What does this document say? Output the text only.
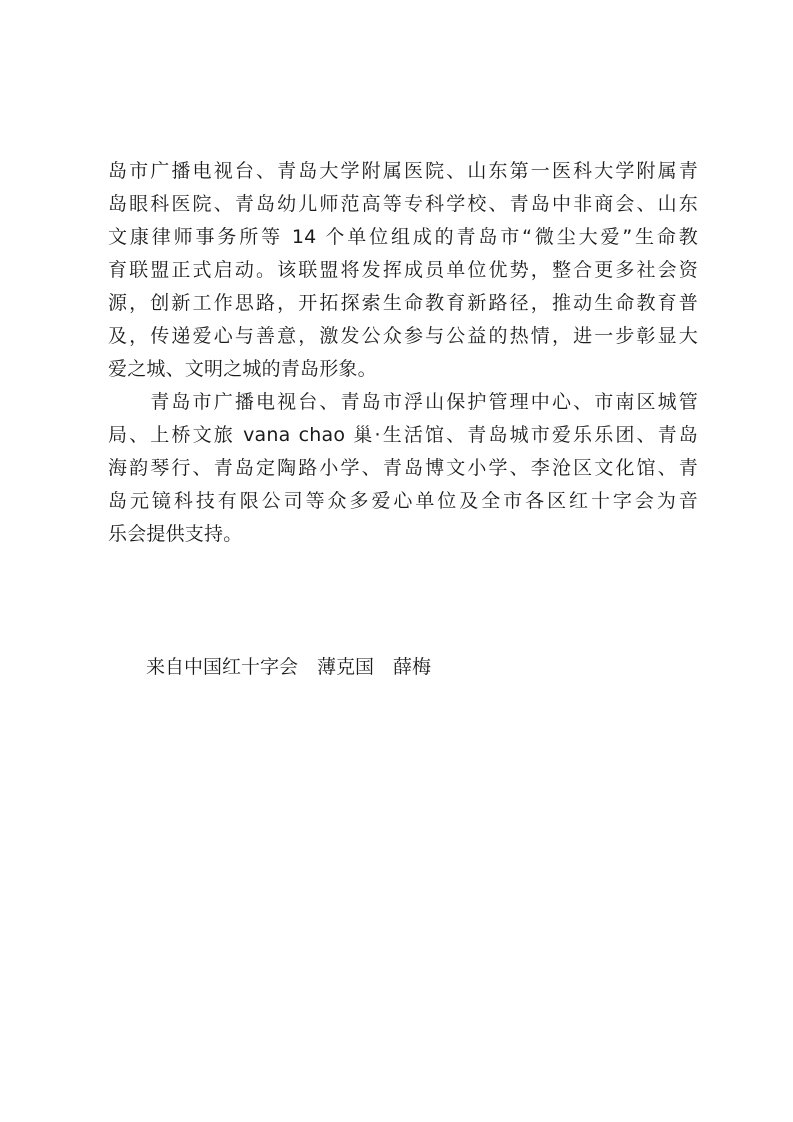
岛市广播电视台、青岛大学附属医院、山东第一医科大学附属青
岛眼科医院、青岛幼儿师范高等专科学校、青岛中非商会、山东
文康律师事务所等 14 个单位组成的青岛市“微尘大爱”生命教
育联盟正式启动。该联盟将发挥成员单位优势，整合更多社会资
源，创新工作思路，开拓探索生命教育新路径，推动生命教育普
及，传递爱心与善意，激发公众参与公益的热情，进一步彰显大
爱之城、文明之城的青岛形象。
　　青岛市广播电视台、青岛市浮山保护管理中心、市南区城管
局、上桥文旅 vana chao 巢·生活馆、青岛城市爱乐乐团、青岛
海韵琴行、青岛定陶路小学、青岛博文小学、李沧区文化馆、青
岛元镜科技有限公司等众多爱心单位及全市各区红十字会为音
乐会提供支持。
来自中国红十字会　薄克国　薛梅
